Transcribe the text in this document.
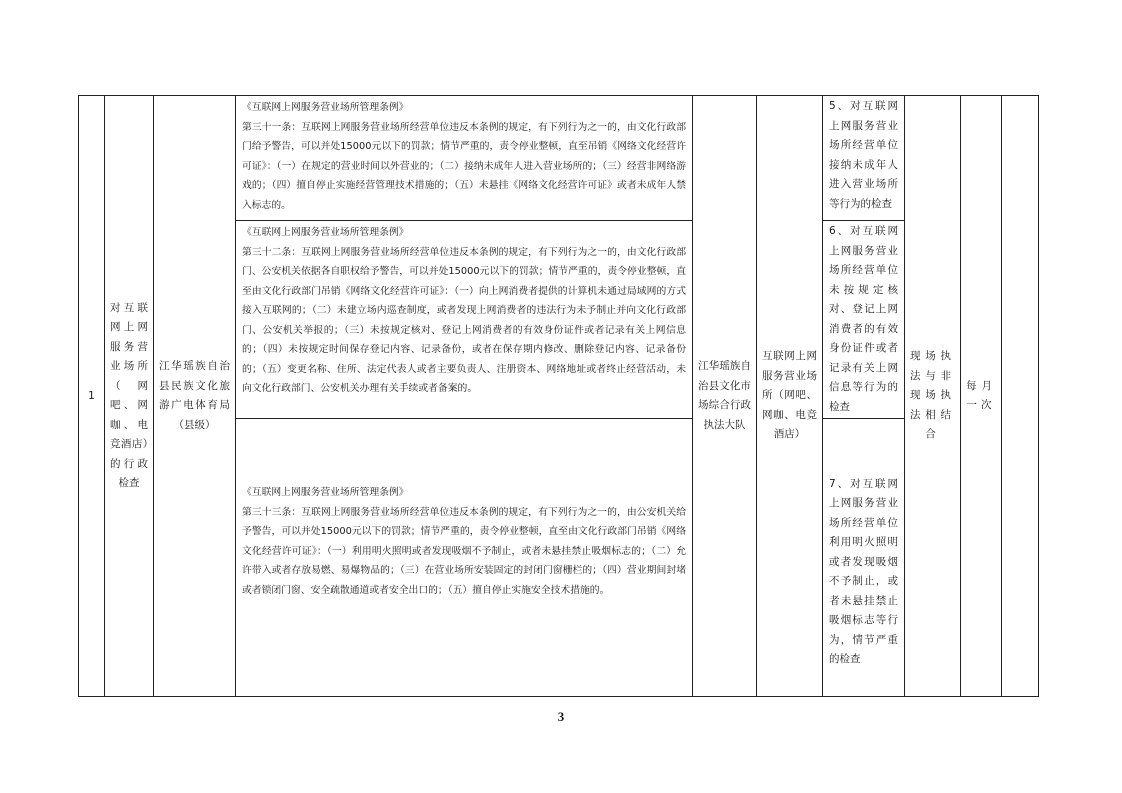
1	对互联网上网服务营业场所（网吧、网咖、电竞酒店）的行政检查	江华瑶族自治县民族文化旅游广电体育局（县级）	《互联网上网服务营业场所管理条例》

第三十一条：互联网上网服务营业场所经营单位违反本条例的规定，有下列行为之一的，由文化行政部门给予警告，可以并处15000元以下的罚款；情节严重的，责令停业整顿，直至吊销《网络文化经营许可证》：（一）在规定的营业时间以外营业的；（二）接纳未成年人进入营业场所的；（三）经营非网络游戏的；（四）擅自停止实施经营管理技术措施的；（五）未悬挂《网络文化经营许可证》或者未成年人禁入标志的。	江华瑶族自治县文化市场综合行政执法大队	互联网上网服务营业场所（网吧、网咖、电竞酒店）	5、对互联网上网服务营业场所经营单位接纳未成年人进入营业场所等行为的检查	现场执法与非现场执法相结合	每月一次	

			《互联网上网服务营业场所管理条例》

第三十二条：互联网上网服务营业场所经营单位违反本条例的规定，有下列行为之一的，由文化行政部门、公安机关依据各自职权给予警告，可以并处15000元以下的罚款；情节严重的，责令停业整顿，直至由文化行政部门吊销《网络文化经营许可证》：（一）向上网消费者提供的计算机未通过局域网的方式接入互联网的；（二）未建立场内巡查制度，或者发现上网消费者的违法行为未予制止并向文化行政部门、公安机关举报的；（三）未按规定核对、登记上网消费者的有效身份证件或者记录有关上网信息的；（四）未按规定时间保存登记内容、记录备份，或者在保存期内修改、删除登记内容、记录备份的；（五）变更名称、住所、法定代表人或者主要负责人、注册资本、网络地址或者终止经营活动，未向文化行政部门、公安机关办理有关手续或者备案的。			6、对互联网上网服务营业场所经营单位未按规定核对、登记上网消费者的有效身份证件或者记录有关上网信息等行为的检查			

			《互联网上网服务营业场所管理条例》

第三十三条：互联网上网服务营业场所经营单位违反本条例的规定，有下列行为之一的，由公安机关给予警告，可以并处15000元以下的罚款；情节严重的，责令停业整顿，直至由文化行政部门吊销《网络文化经营许可证》：（一）利用明火照明或者发现吸烟不予制止，或者未悬挂禁止吸烟标志的；（二）允许带入或者存放易燃、易爆物品的；（三）在营业场所安装固定的封闭门窗栅栏的；（四）营业期间封堵或者锁闭门窗、安全疏散通道或者安全出口的；（五）擅自停止实施安全技术措施的。			7、对互联网上网服务营业场所经营单位利用明火照明或者发现吸烟不予制止，或者未悬挂禁止吸烟标志等行为，情节严重的检查			
3
